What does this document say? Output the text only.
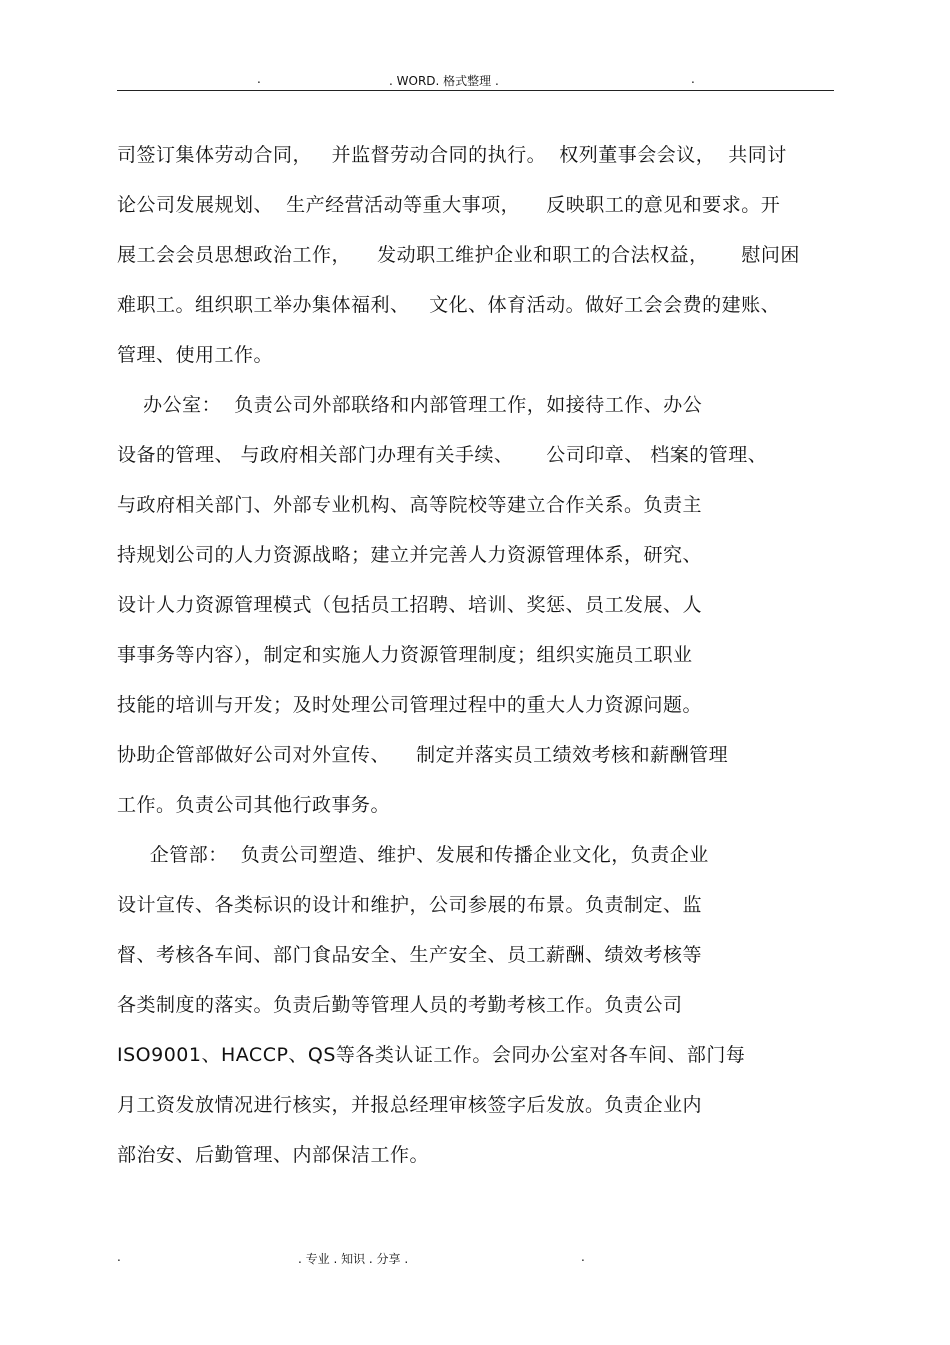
.	. WORD. 格式整理 .	.
司签订集体劳动合同，   并监督劳动合同的执行。  权列董事会会议，  共同讨
论公司发展规划、  生产经营活动等重大事项，    反映职工的意见和要求。开
展工会会员思想政治工作，    发动职工维护企业和职工的合法权益，     慰问困
难职工。组织职工举办集体福利、   文化、体育活动。做好工会会费的建账、
管理、使用工作。
办公室：  负责公司外部联络和内部管理工作，如接待工作、办公
设备的管理、 与政府相关部门办理有关手续、     公司印章、 档案的管理、
与政府相关部门、外部专业机构、高等院校等建立合作关系。负责主
持规划公司的人力资源战略；建立并完善人力资源管理体系，研究、
设计人力资源管理模式（包括员工招聘、培训、奖惩、员工发展、人
事事务等内容），制定和实施人力资源管理制度；组织实施员工职业
技能的培训与开发；及时处理公司管理过程中的重大人力资源问题。
协助企管部做好公司对外宣传、    制定并落实员工绩效考核和薪酬管理
工作。负责公司其他行政事务。
企管部：  负责公司塑造、维护、发展和传播企业文化，负责企业
设计宣传、各类标识的设计和维护，公司参展的布景。负责制定、监
督、考核各车间、部门食品安全、生产安全、员工薪酬、绩效考核等
各类制度的落实。负责后勤等管理人员的考勤考核工作。负责公司
ISO9001、HACCP、QS等各类认证工作。会同办公室对各车间、部门每
月工资发放情况进行核实，并报总经理审核签字后发放。负责企业内
部治安、后勤管理、内部保洁工作。
.	. 专业 . 知识 . 分享 .	.
